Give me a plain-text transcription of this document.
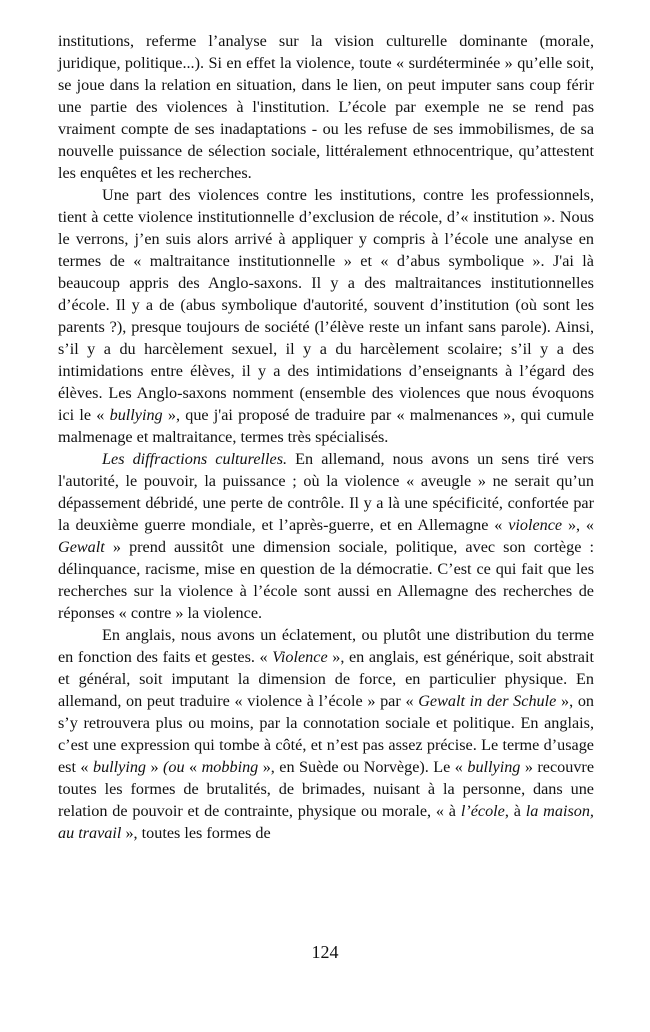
institutions, referme l’analyse sur la vision culturelle dominante (morale, juridique, politique...). Si en effet la violence, toute « surdéterminée » qu’elle soit, se joue dans la relation en situation, dans le lien, on peut imputer sans coup férir une partie des violences à l'institution. L’école par exemple ne se rend pas vraiment compte de ses inadaptations - ou les refuse de ses immobilismes, de sa nouvelle puissance de sélection sociale, littéralement ethnocentrique, qu’attestent les enquêtes et les recherches.

Une part des violences contre les institutions, contre les professionnels, tient à cette violence institutionnelle d’exclusion de récole, d’« institution ». Nous le verrons, j’en suis alors arrivé à appliquer y compris à l’école une analyse en termes de « maltraitance institutionnelle » et « d’abus symbolique ». J'ai là beaucoup appris des Anglo-saxons. Il y a des maltraitances institutionnelles d’école. Il y a de (abus symbolique d'autorité, souvent d’institution (où sont les parents ?), presque toujours de société (l’élève reste un infant sans parole). Ainsi, s’il y a du harcèlement sexuel, il y a du harcèlement scolaire; s’il y a des intimidations entre élèves, il y a des intimidations d’enseignants à l’égard des élèves. Les Anglo-saxons nomment (ensemble des violences que nous évoquons ici le « bullying », que j'ai proposé de traduire par « malmenances », qui cumule malmenage et maltraitance, termes très spécialisés.

Les diffractions culturelles. En allemand, nous avons un sens tiré vers l'autorité, le pouvoir, la puissance ; où la violence « aveugle » ne serait qu’un dépassement débridé, une perte de contrôle. Il y a là une spécificité, confortée par la deuxième guerre mondiale, et l’après-guerre, et en Allemagne « violence », « Gewalt » prend aussitôt une dimension sociale, politique, avec son cortège : délinquance, racisme, mise en question de la démocratie. C’est ce qui fait que les recherches sur la violence à l’école sont aussi en Allemagne des recherches de réponses « contre » la violence.

En anglais, nous avons un éclatement, ou plutôt une distribution du terme en fonction des faits et gestes. « Violence », en anglais, est générique, soit abstrait et général, soit imputant la dimension de force, en particulier physique. En allemand, on peut traduire « violence à l’école » par « Gewalt in der Schule », on s’y retrouvera plus ou moins, par la connotation sociale et politique. En anglais, c’est une expression qui tombe à côté, et n’est pas assez précise. Le terme d’usage est « bullying » (ou « mobbing », en Suède ou Norvège). Le « bullying » recouvre toutes les formes de brutalités, de brimades, nuisant à la personne, dans une relation de pouvoir et de contrainte, physique ou morale, « à l’école, à la maison, au travail », toutes les formes de

124
